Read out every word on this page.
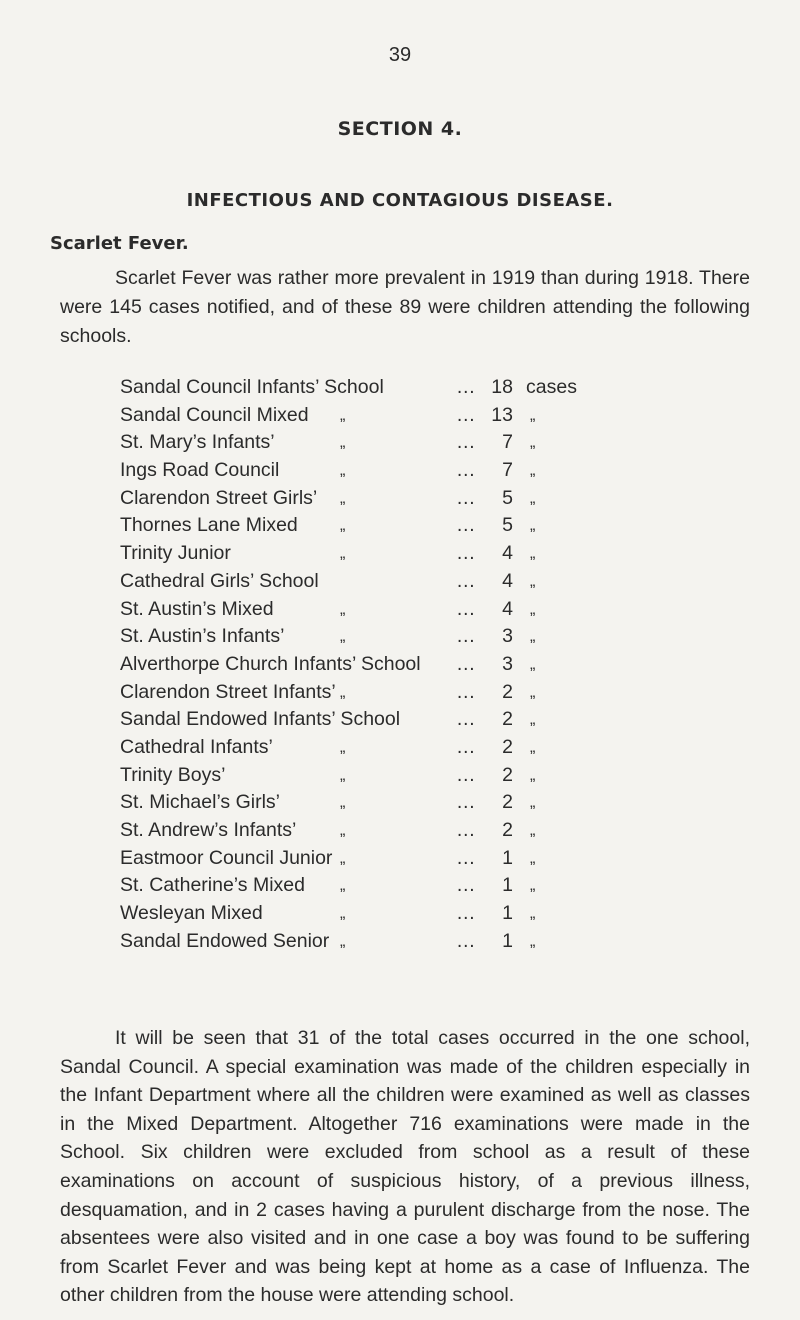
39
SECTION 4.
INFECTIOUS AND CONTAGIOUS DISEASE.
Scarlet Fever.

Scarlet Fever was rather more prevalent in 1919 than during 1918. There were 145 cases notified, and of these 89 were children attending the following schools.

Sandal Council Infants’ School	… 18 cases
Sandal Council Mixed „	… 13 „
St. Mary’s Infants’	„	…	7 „
Ings Road Council	„	…	7 „
Clarendon Street Girls’ „	…	5 „
Thornes Lane Mixed	„	…	5 „
Trinity Junior	„	…	4 „
Cathedral Girls’ School	…	4 „
St. Austin’s Mixed	„	…	4 „
St. Austin’s Infants’	„	…	3 „
Alverthorpe Church Infants’ School …	3 „
Clarendon Street Infants’ „	…	2 „
Sandal Endowed Infants’ School	…	2 „
Cathedral Infants’	„	…	2 „
Trinity Boys’	„	…	2 „
St. Michael’s Girls’	„	…	2 „
St. Andrew’s Infants’	„	…	2 „
Eastmoor Council Junior „	…	1 „
St. Catherine’s Mixed „	…	1 „
Wesleyan Mixed	„	…	1 „
Sandal Endowed Senior „	…	1 „

It will be seen that 31 of the total cases occurred in the one school, Sandal Council. A special examination was made of the children especially in the Infant Department where all the children were examined as well as classes in the Mixed Department. Altogether 716 examinations were made in the School. Six children were excluded from school as a result of these examinations on account of suspicious history, of a previous illness, desquamation, and in 2 cases having a purulent discharge from the nose. The absentees were also visited and in one case a boy was found to be suffering from Scarlet Fever and was being kept at home as a case of Influenza. The other children from the house were attending school.
